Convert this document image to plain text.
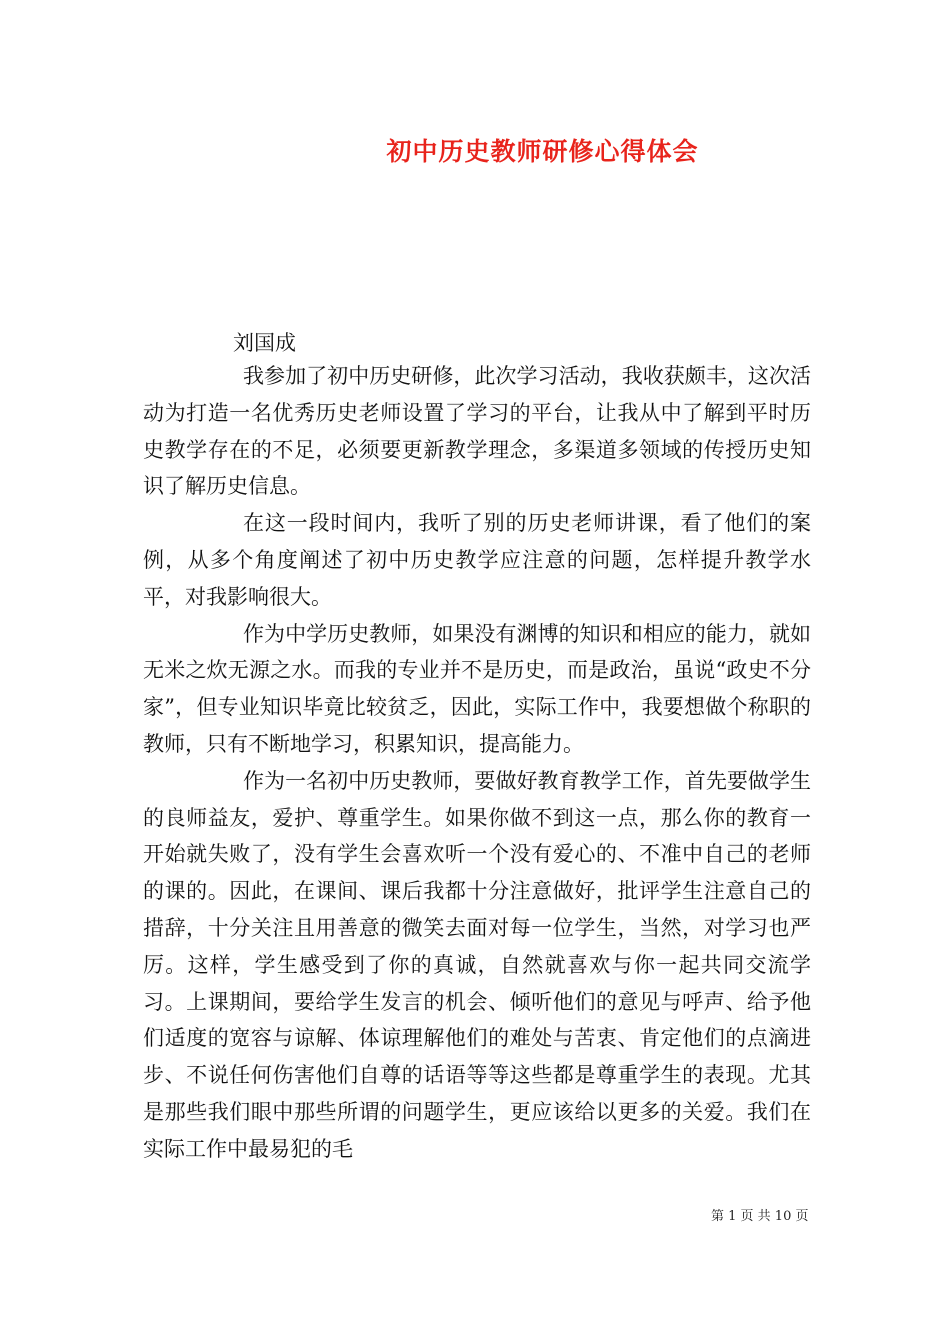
初中历史教师研修心得体会
刘国成

我参加了初中历史研修，此次学习活动，我收获颇丰，这次活动为打造一名优秀历史老师设置了学习的平台，让我从中了解到平时历史教学存在的不足，必须要更新教学理念，多渠道多领域的传授历史知识了解历史信息。

在这一段时间内，我听了别的历史老师讲课，看了他们的案例，从多个角度阐述了初中历史教学应注意的问题，怎样提升教学水平，对我影响很大。

作为中学历史教师，如果没有渊博的知识和相应的能力，就如无米之炊无源之水。而我的专业并不是历史，而是政治，虽说“政史不分家”，但专业知识毕竟比较贫乏，因此，实际工作中，我要想做个称职的教师，只有不断地学习，积累知识，提高能力。

作为一名初中历史教师，要做好教育教学工作，首先要做学生的良师益友，爱护、尊重学生。如果你做不到这一点，那么你的教育一开始就失败了，没有学生会喜欢听一个没有爱心的、不准中自己的老师的课的。因此，在课间、课后我都十分注意做好，批评学生注意自己的措辞，十分关注且用善意的微笑去面对每一位学生，当然，对学习也严厉。这样，学生感受到了你的真诚，自然就喜欢与你一起共同交流学习。上课期间，要给学生发言的机会、倾听他们的意见与呼声、给予他们适度的宽容与谅解、体谅理解他们的难处与苦衷、肯定他们的点滴进步、不说任何伤害他们自尊的话语等等这些都是尊重学生的表现。尤其是那些我们眼中那些所谓的问题学生，更应该给以更多的关爱。我们在实际工作中最易犯的毛

第 1 页 共 10 页
